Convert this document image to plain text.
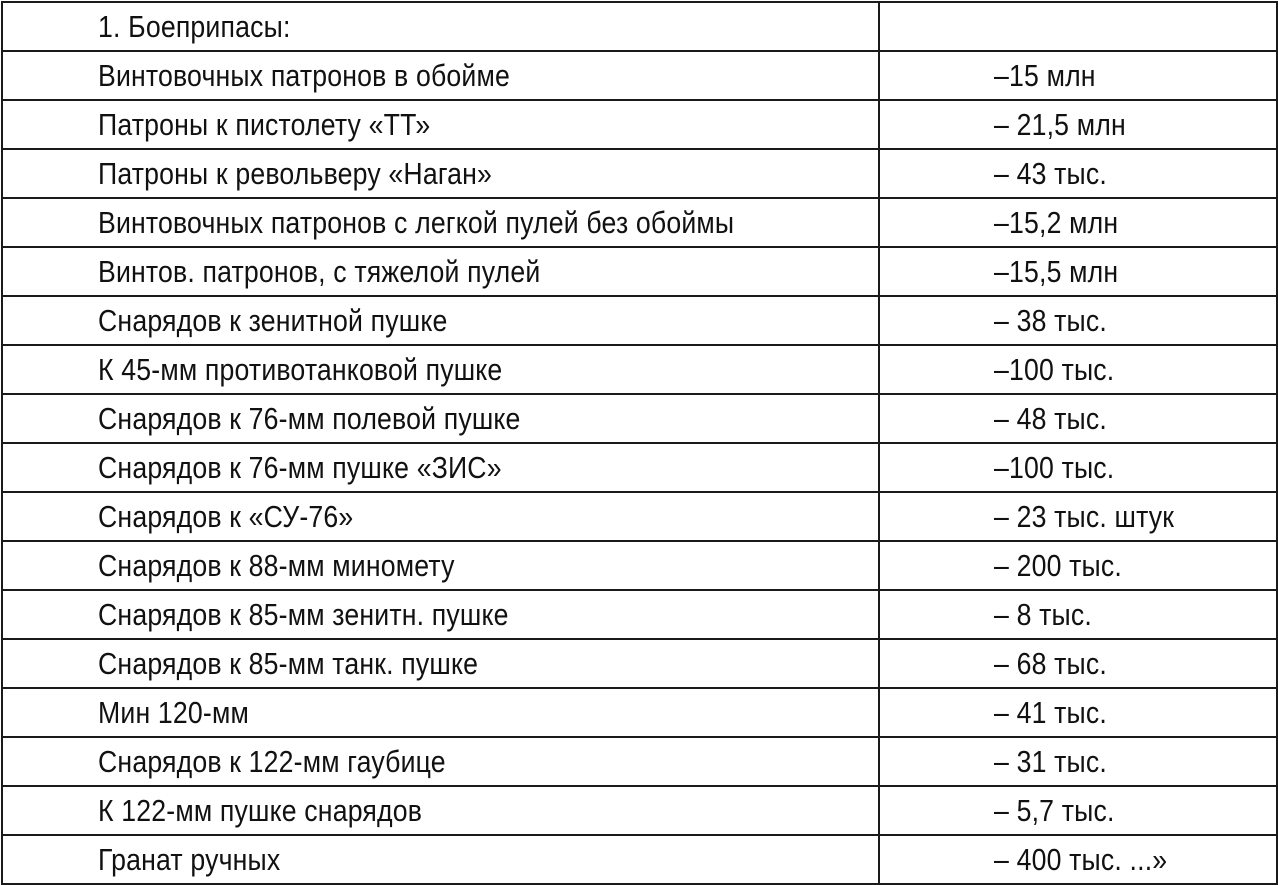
1. Боеприпасы:	
Винтовочных патронов в обойме	–15 млн
Патроны к пистолету «ТТ»	– 21,5 млн
Патроны к револьверу «Наган»	– 43 тыс.
Винтовочных патронов с легкой пулей без обоймы	–15,2 млн
Винтов. патронов, с тяжелой пулей	–15,5 млн
Снарядов к зенитной пушке	– 38 тыс.
К 45-мм противотанковой пушке	–100 тыс.
Снарядов к 76-мм полевой пушке	– 48 тыс.
Снарядов к 76-мм пушке «ЗИС»	–100 тыс.
Снарядов к «СУ-76»	– 23 тыс. штук
Снарядов к 88-мм миномету	– 200 тыс.
Снарядов к 85-мм зенитн. пушке	– 8 тыс.
Снарядов к 85-мм танк. пушке	– 68 тыс.
Мин 120-мм	– 41 тыс.
Снарядов к 122-мм гаубице	– 31 тыс.
К 122-мм пушке снарядов	– 5,7 тыс.
Гранат ручных	– 400 тыс. ...»
